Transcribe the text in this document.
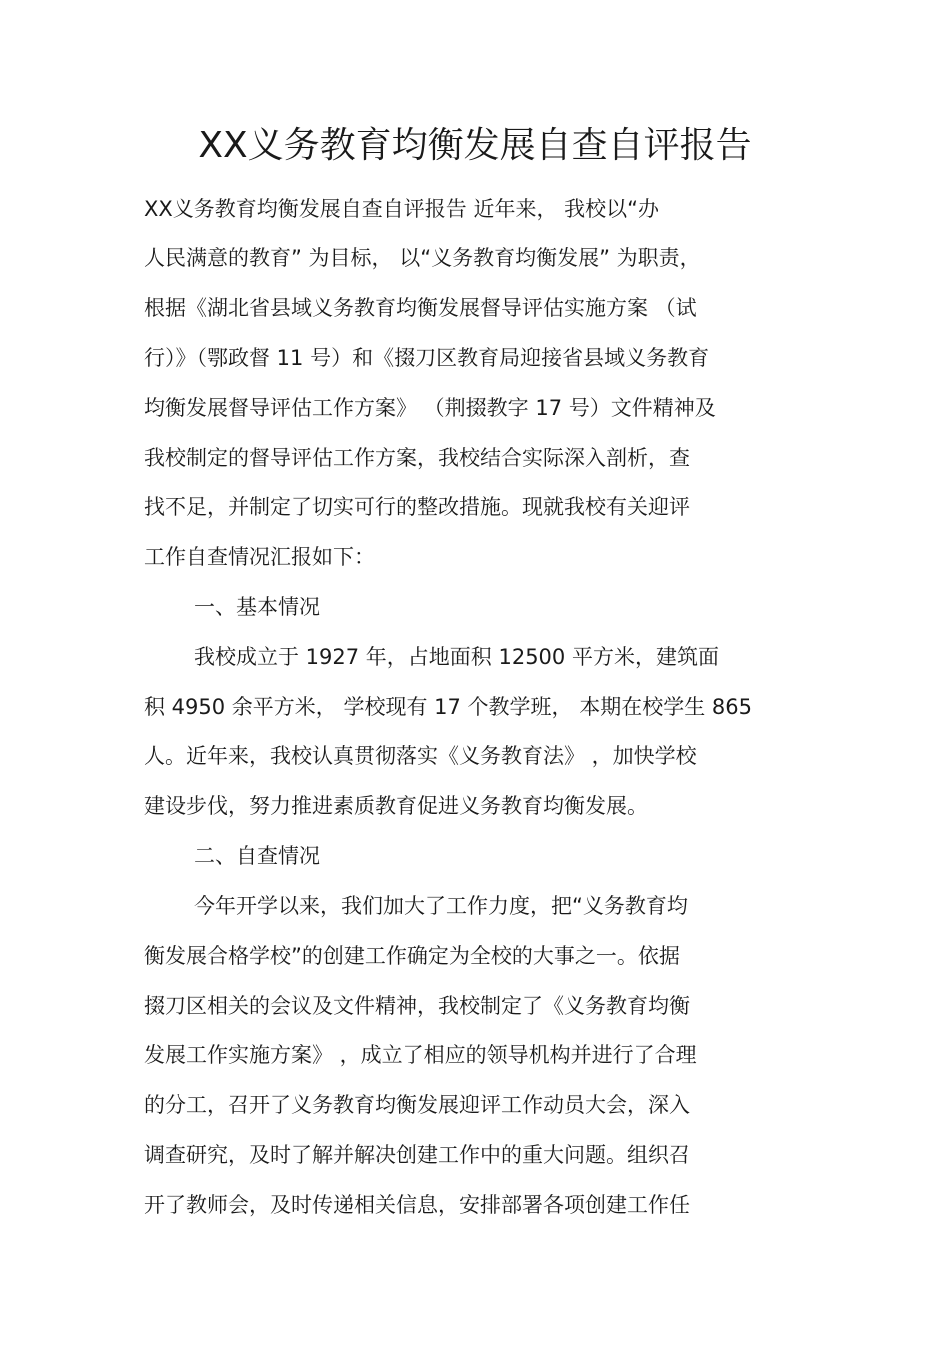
XX义务教育均衡发展自查自评报告
XX义务教育均衡发展自查自评报告 近年来， 我校以“办
人民满意的教育” 为目标， 以“义务教育均衡发展” 为职责，
根据《湖北省县域义务教育均衡发展督导评估实施方案 （试
行）》（鄂政督 11 号）和《掇刀区教育局迎接省县域义务教育
均衡发展督导评估工作方案》 （荆掇教字 17 号）文件精神及
我校制定的督导评估工作方案，我校结合实际深入剖析，查
找不足，并制定了切实可行的整改措施。现就我校有关迎评
工作自查情况汇报如下：
一、基本情况
我校成立于 1927 年，占地面积 12500 平方米，建筑面
积 4950 余平方米， 学校现有 17 个教学班， 本期在校学生 865
人。近年来，我校认真贯彻落实《义务教育法》 ，加快学校
建设步伐，努力推进素质教育促进义务教育均衡发展。
二、自查情况
今年开学以来，我们加大了工作力度，把“义务教育均
衡发展合格学校”的创建工作确定为全校的大事之一。依据
掇刀区相关的会议及文件精神，我校制定了《义务教育均衡
发展工作实施方案》 ，成立了相应的领导机构并进行了合理
的分工，召开了义务教育均衡发展迎评工作动员大会，深入
调查研究，及时了解并解决创建工作中的重大问题。组织召
开了教师会，及时传递相关信息，安排部署各项创建工作任
